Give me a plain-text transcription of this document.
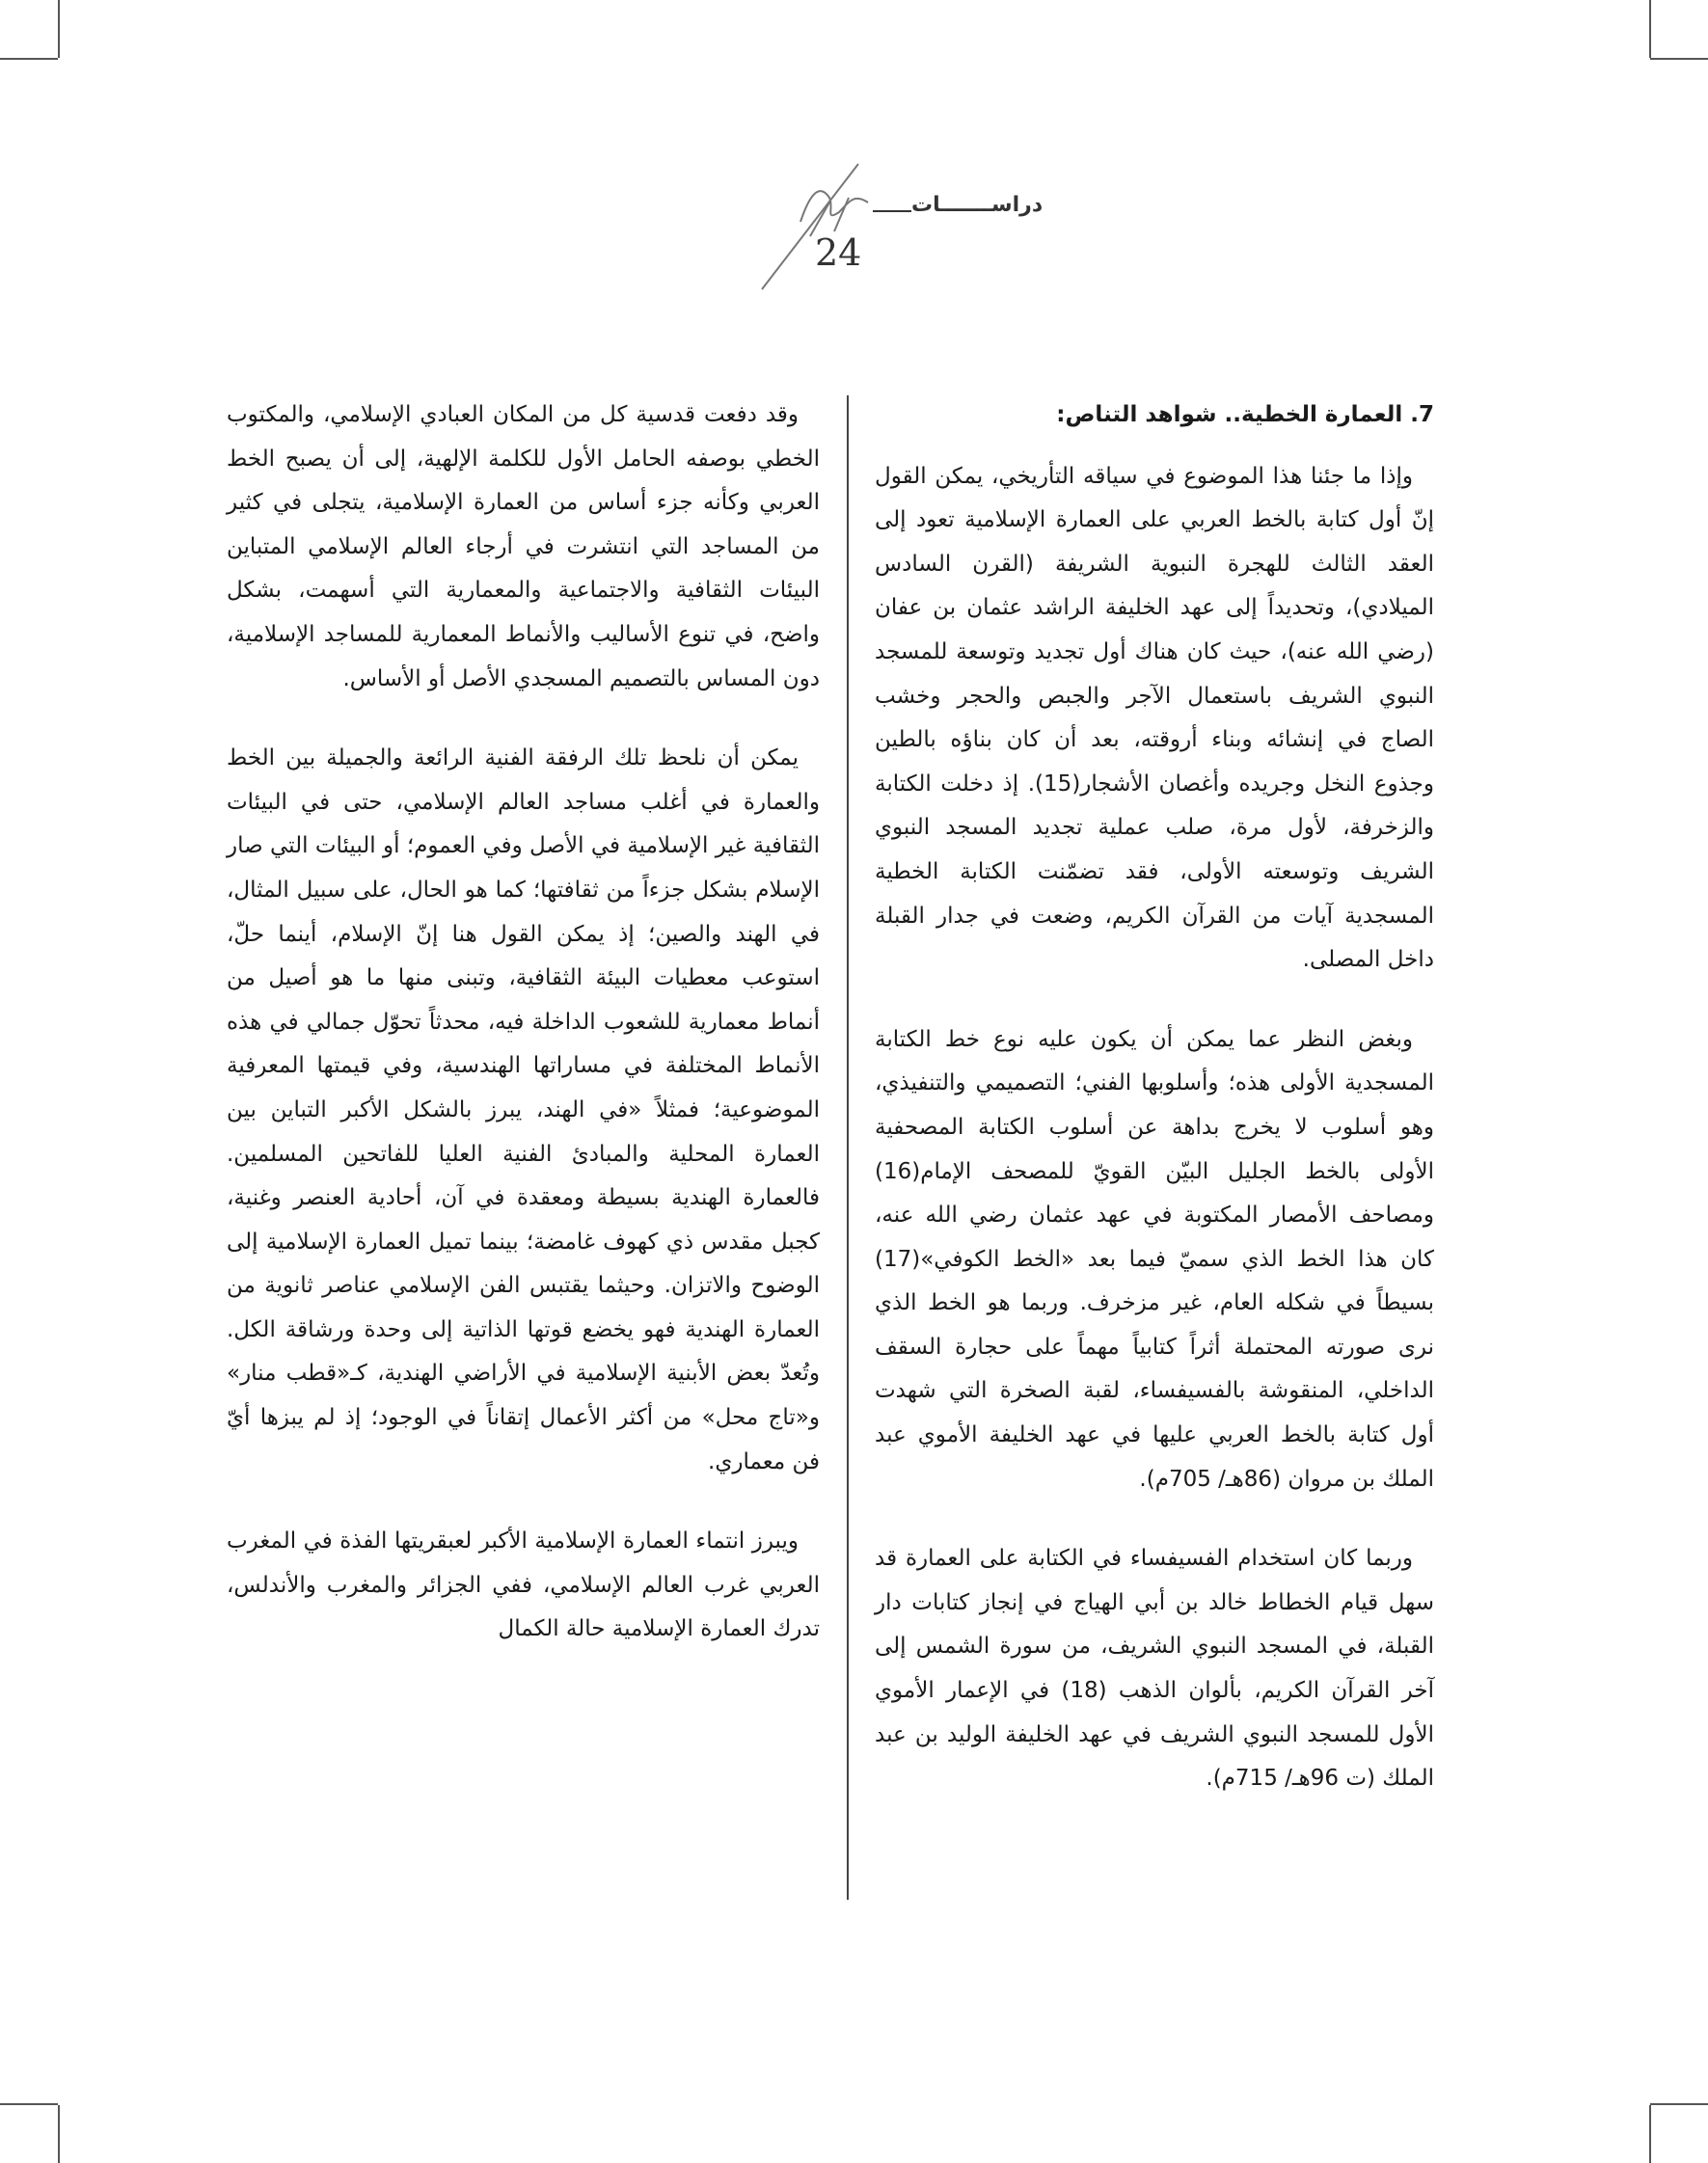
دراســـــــات
24
7. العمارة الخطية.. شواهد التناص:

وإذا ما جئنا هذا الموضوع في سياقه التأريخي، يمكن القول إنّ أول كتابة بالخط العربي على العمارة الإسلامية تعود إلى العقد الثالث للهجرة النبوية الشريفة (القرن السادس الميلادي)، وتحديداً إلى عهد الخليفة الراشد عثمان بن عفان (رضي الله عنه)، حيث كان هناك أول تجديد وتوسعة للمسجد النبوي الشريف باستعمال الآجر والجبص والحجر وخشب الصاج في إنشائه وبناء أروقته، بعد أن كان بناؤه بالطين وجذوع النخل وجريده وأغصان الأشجار(15). إذ دخلت الكتابة والزخرفة، لأول مرة، صلب عملية تجديد المسجد النبوي الشريف وتوسعته الأولى، فقد تضمّنت الكتابة الخطية المسجدية آيات من القرآن الكريم، وضعت في جدار القبلة داخل المصلى.

وبغض النظر عما يمكن أن يكون عليه نوع خط الكتابة المسجدية الأولى هذه؛ وأسلوبها الفني؛ التصميمي والتنفيذي، وهو أسلوب لا يخرج بداهة عن أسلوب الكتابة المصحفية الأولى بالخط الجليل البيّن القويّ للمصحف الإمام(16) ومصاحف الأمصار المكتوبة في عهد عثمان رضي الله عنه، كان هذا الخط الذي سميّ فيما بعد «الخط الكوفي»(17) بسيطاً في شكله العام، غير مزخرف. وربما هو الخط الذي نرى صورته المحتملة أثراً كتابياً مهماً على حجارة السقف الداخلي، المنقوشة بالفسيفساء، لقبة الصخرة التي شهدت أول كتابة بالخط العربي عليها في عهد الخليفة الأموي عبد الملك بن مروان (86هـ/ 705م).

وربما كان استخدام الفسيفساء في الكتابة على العمارة قد سهل قيام الخطاط خالد بن أبي الهياج في إنجاز كتابات دار القبلة، في المسجد النبوي الشريف، من سورة الشمس إلى آخر القرآن الكريم، بألوان الذهب (18) في الإعمار الأموي الأول للمسجد النبوي الشريف في عهد الخليفة الوليد بن عبد الملك (ت 96هـ/ 715م).

وقد دفعت قدسية كل من المكان العبادي الإسلامي، والمكتوب الخطي بوصفه الحامل الأول للكلمة الإلهية، إلى أن يصبح الخط العربي وكأنه جزء أساس من العمارة الإسلامية، يتجلى في كثير من المساجد التي انتشرت في أرجاء العالم الإسلامي المتباين البيئات الثقافية والاجتماعية والمعمارية التي أسهمت، بشكل واضح، في تنوع الأساليب والأنماط المعمارية للمساجد الإسلامية، دون المساس بالتصميم المسجدي الأصل أو الأساس.

يمكن أن نلحظ تلك الرفقة الفنية الرائعة والجميلة بين الخط والعمارة في أغلب مساجد العالم الإسلامي، حتى في البيئات الثقافية غير الإسلامية في الأصل وفي العموم؛ أو البيئات التي صار الإسلام بشكل جزءاً من ثقافتها؛ كما هو الحال، على سبيل المثال، في الهند والصين؛ إذ يمكن القول هنا إنّ الإسلام، أينما حلّ، استوعب معطيات البيئة الثقافية، وتبنى منها ما هو أصيل من أنماط معمارية للشعوب الداخلة فيه، محدثاً تحوّل جمالي في هذه الأنماط المختلفة في مساراتها الهندسية، وفي قيمتها المعرفية الموضوعية؛ فمثلاً «في الهند، يبرز بالشكل الأكبر التباين بين العمارة المحلية والمبادئ الفنية العليا للفاتحين المسلمين. فالعمارة الهندية بسيطة ومعقدة في آن، أحادية العنصر وغنية، كجبل مقدس ذي كهوف غامضة؛ بينما تميل العمارة الإسلامية إلى الوضوح والاتزان. وحيثما يقتبس الفن الإسلامي عناصر ثانوية من العمارة الهندية فهو يخضع قوتها الذاتية إلى وحدة ورشاقة الكل. وتُعدّ بعض الأبنية الإسلامية في الأراضي الهندية، كـ«قطب منار» و«تاج محل» من أكثر الأعمال إتقاناً في الوجود؛ إذ لم يبزها أيّ فن معماري.

ويبرز انتماء العمارة الإسلامية الأكبر لعبقريتها الفذة في المغرب العربي غرب العالم الإسلامي، ففي الجزائر والمغرب والأندلس، تدرك العمارة الإسلامية حالة الكمال
